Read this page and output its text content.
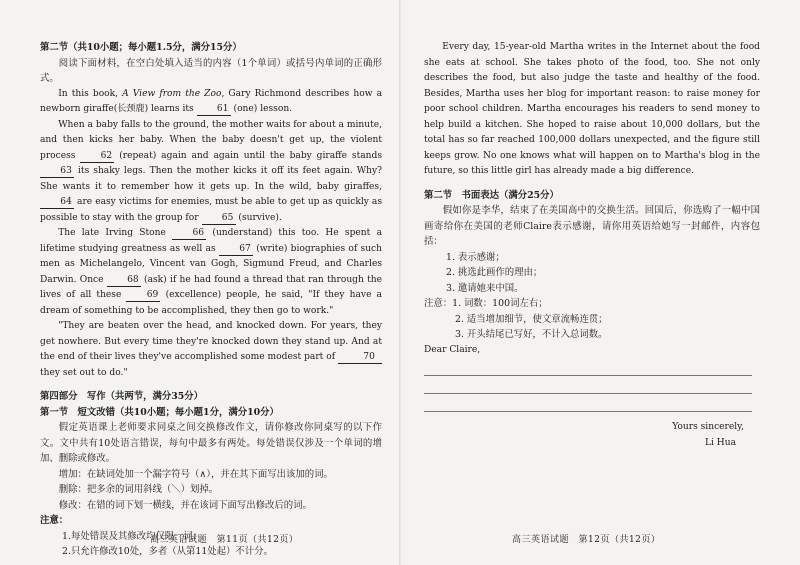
第二节（共10小题；每小题1.5分，满分15分）

阅读下面材料，在空白处填入适当的内容（1个单词）或括号内单词的正确形式。

In this book, A View from the Zoo, Gary Richmond describes how a newborn giraffe(长颈鹿) learns its 61 (one) lesson.

When a baby falls to the ground, the mother waits for about a minute, and then kicks her baby. When the baby doesn't get up, the violent process 62 (repeat) again and again until the baby giraffe stands 63 its shaky legs. Then the mother kicks it off its feet again. Why? She wants it to remember how it gets up. In the wild, baby giraffes, 64 are easy victims for enemies, must be able to get up as quickly as possible to stay with the group for 65 (survive).

The late Irving Stone 66 (understand) this too. He spent a lifetime studying greatness as well as 67 (write) biographies of such men as Michelangelo, Vincent van Gogh, Sigmund Freud, and Charles Darwin. Once 68 (ask) if he had found a thread that ran through the lives of all these 69 (excellence) people, he said, "If they have a dream of something to be accomplished, they then go to work."

"They are beaten over the head, and knocked down. For years, they get nowhere. But every time they're knocked down they stand up. And at the end of their lives they've accomplished some modest part of	70 they set out to do."

第四部分　写作（共两节，满分35分）

第一节　短文改错（共10小题；每小题1分，满分10分）

假定英语课上老师要求同桌之间交换修改作文，请你修改你同桌写的以下作文。文中共有10处语言错误，每句中最多有两处。每处错误仅涉及一个单词的增加、删除或修改。

增加：在缺词处加一个漏字符号（∧），并在其下面写出该加的词。

删除：把多余的词用斜线（＼）划掉。

修改：在错的词下划一横线，并在该词下面写出修改后的词。

注意：

1.每处错误及其修改均仅限一词；

2.只允许修改10处，多者（从第11处起）不计分。

高三英语试题　第11页（共12页）

Every day, 15-year-old Martha writes in the Internet about the food she eats at school. She takes photo of the food, too. She not only describes the food, but also judge the taste and healthy of the food. Besides, Martha uses her blog for important reason: to raise money for poor school children. Martha encourages his readers to send money to help build a kitchen. She hoped to raise about 10,000 dollars, but the total has so far reached 100,000 dollars unexpected, and the figure still keeps grow. No one knows what will happen on to Martha's blog in the future, so this little girl has already made a big difference.

第二节　书面表达（满分25分）

假如你是李华，结束了在美国高中的交换生活。回国后，你选购了一幅中国画寄给你在美国的老师Claire表示感谢，请你用英语给她写一封邮件，内容包括：

1. 表示感谢；

2. 挑选此画作的理由；

3. 邀请她来中国。

注意：1. 词数：100词左右；

2. 适当增加细节，使文章流畅连贯；

3. 开头结尾已写好，不计入总词数。

Dear Claire,

Yours sincerely,

Li Hua

高三英语试题　第12页（共12页）
